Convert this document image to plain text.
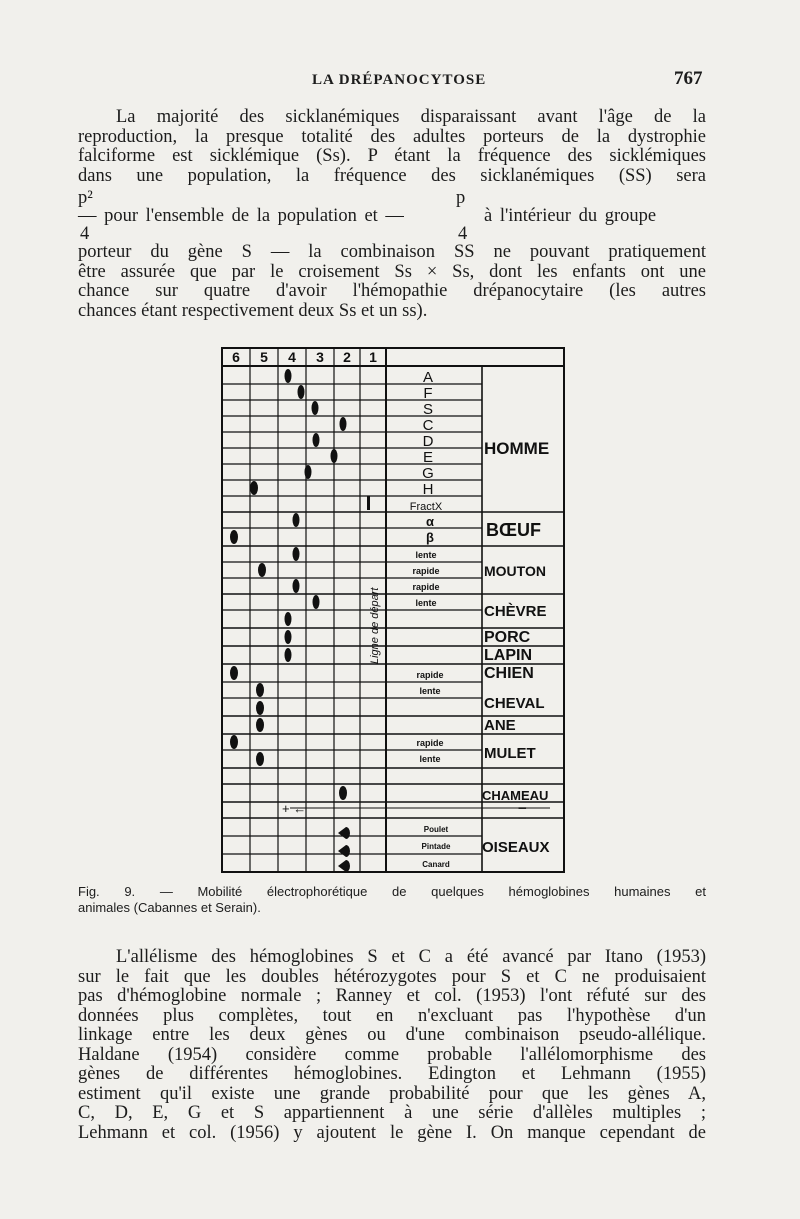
LA DRÉPANOCYTOSE	767
La majorité des sicklanémiques disparaissant avant l'âge de la
reproduction, la presque totalité des adultes porteurs de la dystrophie
falciforme est sicklémique (Ss). P étant la fréquence des sicklémiques
dans une population, la fréquence des sicklanémiques (SS) sera
p²
4
p
4
— pour l'ensemble de la population et —	à l'intérieur du groupe
porteur du gène S — la combinaison SS ne pouvant pratiquement
être assurée que par le croisement Ss × Ss, dont les enfants ont une
chance sur quatre d'avoir l'hémopathie drépanocytaire (les autres
chances étant respectivement deux Ss et un ss).
6 5 4 3 2 1
A
F
S
C
D
E
G
H
FractX
α
β
lente
rapide
rapide
lente
rapide
lente
rapide
lente
Poulet
Pintade
Canard
HOMME
BŒUF
MOUTON
CHÈVRE
PORC
LAPIN
CHIEN
CHEVAL
ANE
MULET
CHAMEAU
OISEAUX
Ligne de départ
+ ←	−
Fig. 9. — Mobilité électrophorétique de quelques hémoglobines humaines et
animales (Cabannes et Serain).
L'allélisme des hémoglobines S et C a été avancé par Itano (1953)
sur le fait que les doubles hétérozygotes pour S et C ne produisaient
pas d'hémoglobine normale ; Ranney et col. (1953) l'ont réfuté sur des
données plus complètes, tout en n'excluant pas l'hypothèse d'un
linkage entre les deux gènes ou d'une combinaison pseudo-allélique.
Haldane (1954) considère comme probable l'allélomorphisme des
gènes de différentes hémoglobines. Edington et Lehmann (1955)
estiment qu'il existe une grande probabilité pour que les gènes A,
C, D, E, G et S appartiennent à une série d'allèles multiples ;
Lehmann et col. (1956) y ajoutent le gène I. On manque cependant de
